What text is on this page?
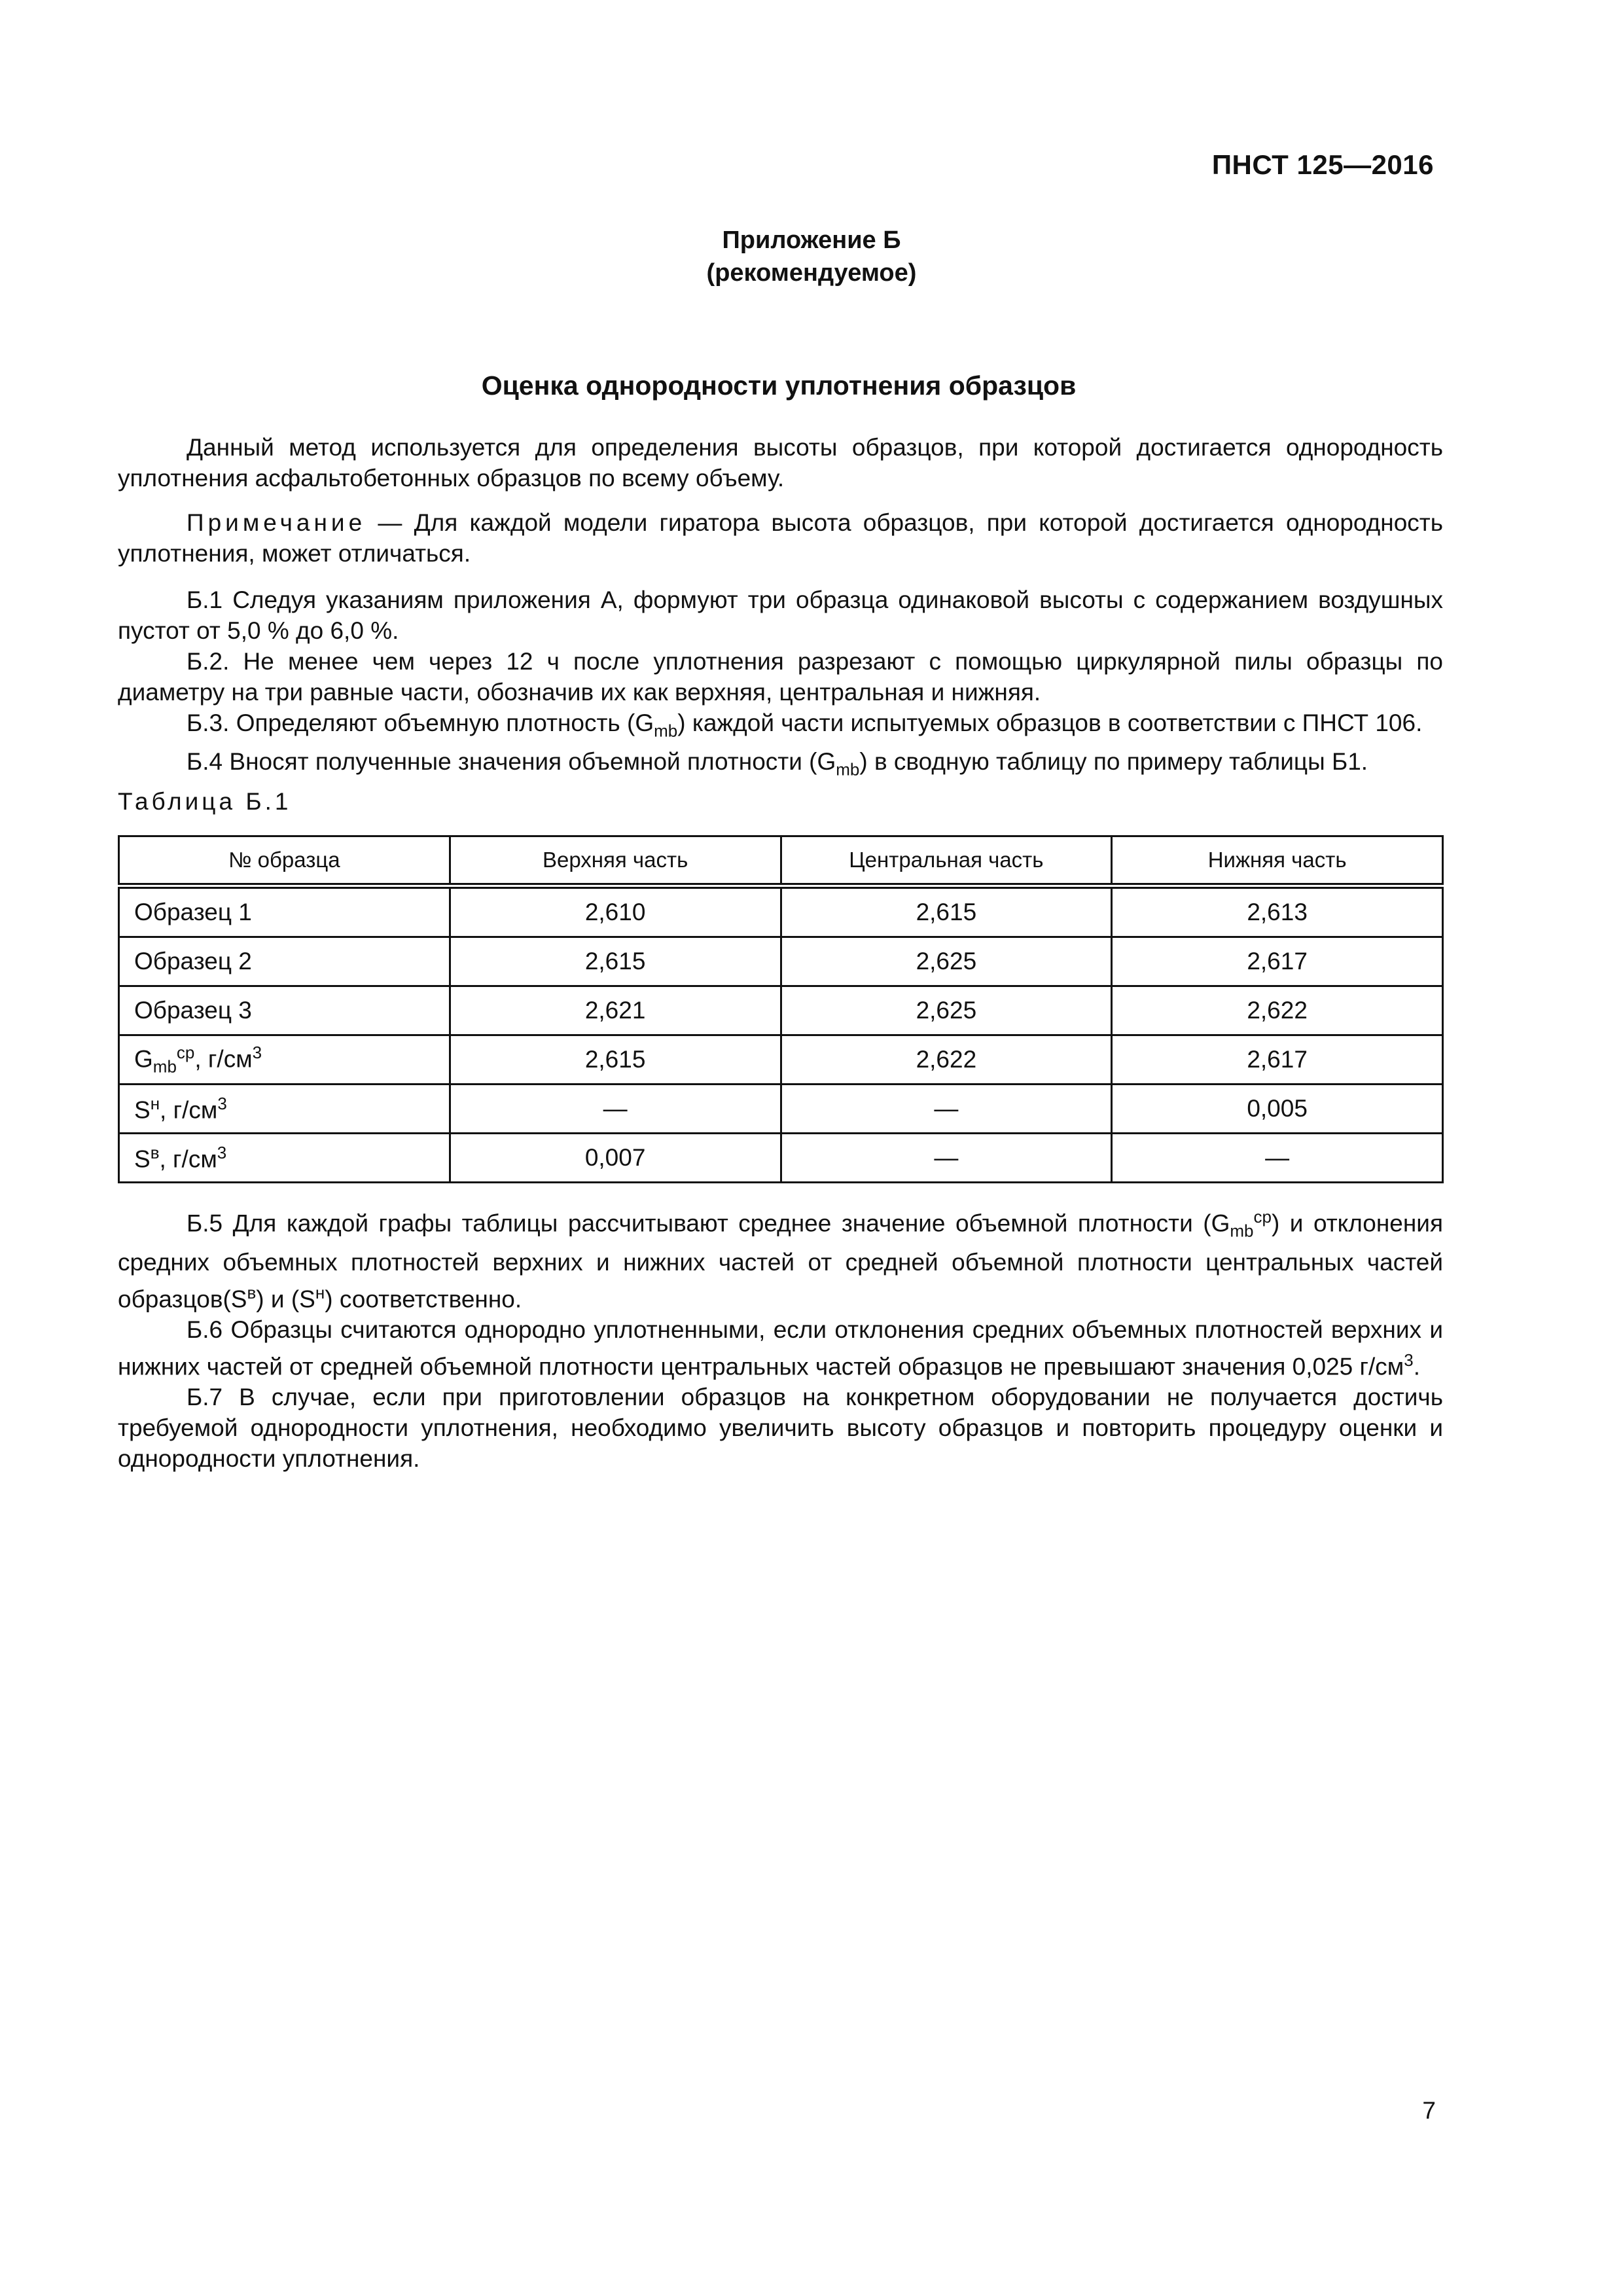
ПНСТ 125—2016
Приложение Б
(рекомендуемое)
Оценка однородности уплотнения образцов

Данный метод используется для определения высоты образцов, при которой достигается однородность уплотнения асфальтобетонных образцов по всему объему.

Примечание — Для каждой модели гиратора высота образцов, при которой достигается однородность уплотнения, может отличаться.

Б.1 Следуя указаниям приложения А, формуют три образца одинаковой высоты с содержанием воздушных пустот от 5,0 % до 6,0 %.

Б.2. Не менее чем через 12 ч после уплотнения разрезают с помощью циркулярной пилы образцы по диаметру на три равные части, обозначив их как верхняя, центральная и нижняя.

Б.3. Определяют объемную плотность $(G_{mb})$ каждой части испытуемых образцов в соответствии с ПНСТ 106.

Б.4 Вносят полученные значения объемной плотности $(G_{mb})$ в сводную таблицу по примеру таблицы Б1.

Таблица Б.1
№ образца	Верхняя часть	Центральная часть	Нижняя часть
Образец 1	2,610	2,615	2,613
Образец 2	2,615	2,625	2,617
Образец 3	2,621	2,625	2,622
$G_{mb}^{ср}$, $г/см^3$	2,615	2,622	2,617
$S^н$, $г/см^3$	—	—	0,005
$S^в$, $г/см^3$	0,007	—	—

Б.5 Для каждой графы таблицы рассчитывают среднее значение объемной плотности $(G_{mb}^{ср})$ и отклонения средних объемных плотностей верхних и нижних частей от средней объемной плотности центральных частей $образцов(S^в)$ и $(S^н)$ соответственно.

Б.6 Образцы считаются однородно уплотненными, если отклонения средних объемных плотностей верхних и нижних частей от средней объемной плотности центральных частей образцов не превышают значения 0,025 $г/см^3$.

Б.7 В случае, если при приготовлении образцов на конкретном оборудовании не получается достичь требуемой однородности уплотнения, необходимо увеличить высоту образцов и повторить процедуру оценки и однородности уплотнения.

7
